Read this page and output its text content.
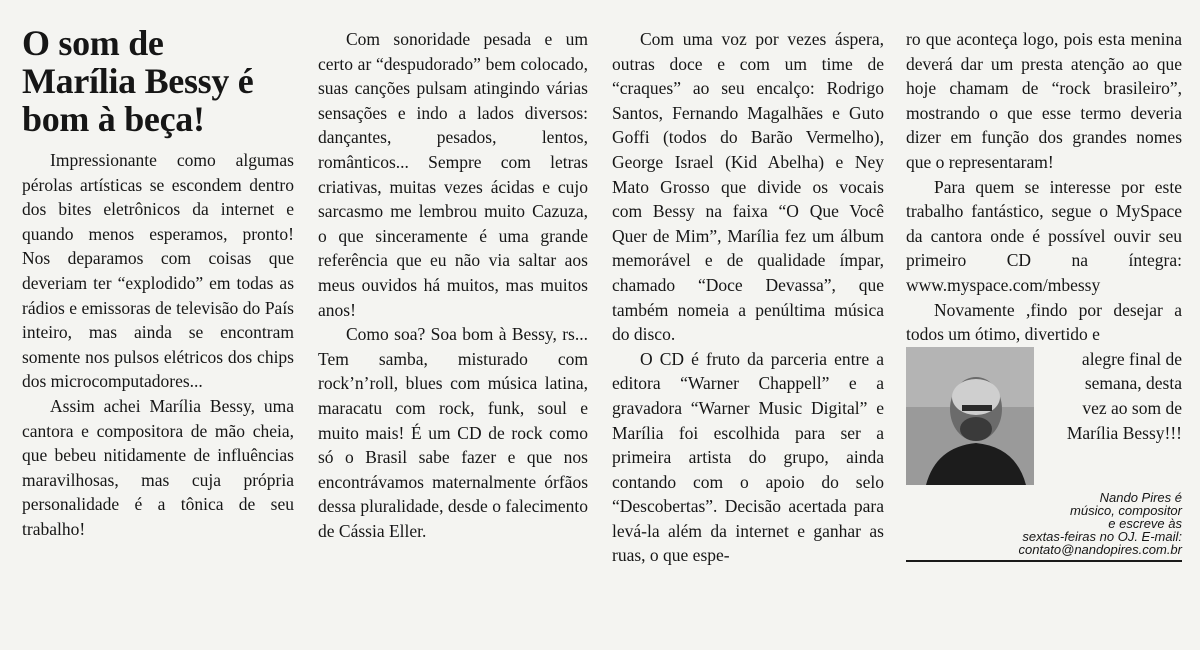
O som de
Marília Bessy é
bom à beça!

Impressionante como algumas pérolas artísticas se escondem dentro dos bites eletrônicos da internet e quando menos esperamos, pronto! Nos deparamos com coisas que deveriam ter “explodido” em todas as rádios e emissoras de televisão do País inteiro, mas ainda se encontram somente nos pulsos elétricos dos chips dos microcomputadores...

Assim achei Marília Bessy, uma cantora e compositora de mão cheia, que bebeu nitidamente de influências maravilhosas, mas cuja própria personalidade é a tônica de seu trabalho!

Com sonoridade pesada e um certo ar “despudorado” bem colocado, suas canções pulsam atingindo várias sensações e indo a lados diversos: dançantes, pesados, lentos, românticos... Sempre com letras criativas, muitas vezes ácidas e cujo sarcasmo me lembrou muito Cazuza, o que sinceramente é uma grande referência que eu não via saltar aos meus ouvidos há muitos, mas muitos anos!

Como soa? Soa bom à Bessy, rs... Tem samba, misturado com rock’n’roll, blues com música latina, maracatu com rock, funk, soul e muito mais! É um CD de rock como só o Brasil sabe fazer e que nos encontrávamos maternalmente órfãos dessa pluralidade, desde o falecimento de Cássia Eller.

Com uma voz por vezes áspera, outras doce e com um time de “craques” ao seu encalço: Rodrigo Santos, Fernando Magalhães e Guto Goffi (todos do Barão Vermelho), George Israel (Kid Abelha) e Ney Mato Grosso que divide os vocais com Bessy na faixa “O Que Você Quer de Mim”, Marília fez um álbum memorável e de qualidade ímpar, chamado “Doce Devassa”, que também nomeia a penúltima música do disco.

O CD é fruto da parceria entre a editora “Warner Chappell” e a gravadora “Warner Music Digital” e Marília foi escolhida para ser a primeira artista do grupo, ainda contando com o apoio do selo “Descobertas”. Decisão acertada para levá-la além da internet e ganhar as ruas, o que espe-

ro que aconteça logo, pois esta menina deverá dar um presta atenção ao que hoje chamam de “rock brasileiro”, mostrando o que esse termo deveria dizer em função dos grandes nomes que o representaram!

Para quem se interesse por este trabalho fantástico, segue o MySpace da cantora onde é possível ouvir seu primeiro CD na íntegra: www.myspace.com/mbessy

Novamente ,findo por desejar a todos um ótimo, divertido e

alegre final de
semana, desta
vez ao som de
Marília Bessy!!!
Nando Pires é
músico, compositor
e escreve às
sextas-feiras no OJ. E-mail:
contato@nandopires.com.br
